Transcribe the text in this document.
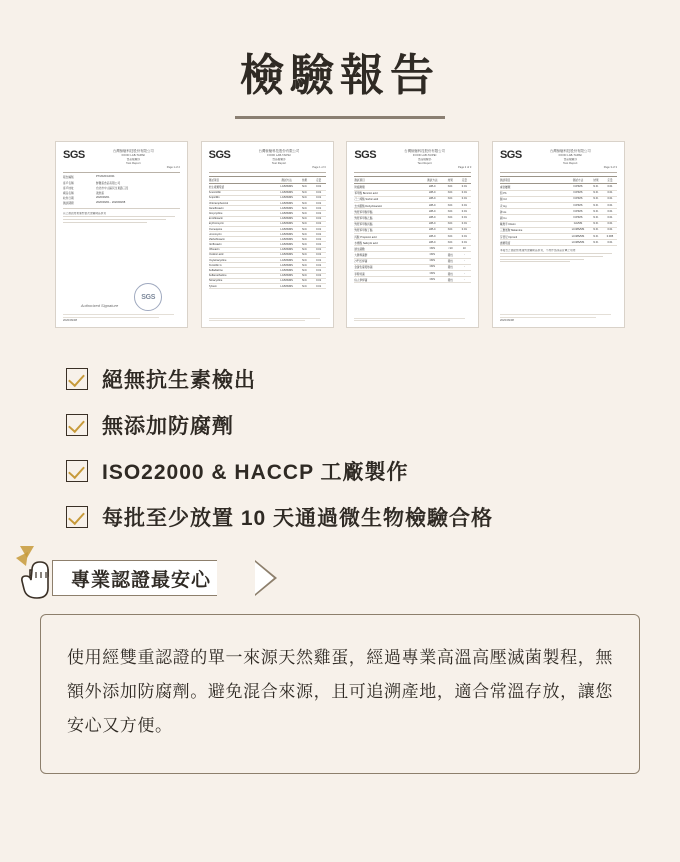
檢驗報告
SGS	台灣檢驗科技股份有限公司
FOOD LAB-TAIPEI
食品檢驗部
Test Report
Page 1 of 2
報告編號	PT/2020/A0001
客戶名稱	鮮雞蛋食品有限公司
客戶地址	台北市中山區民生東路三段
樣品名稱	液態蛋
收件日期	2020/09/01
測試期間	2020/09/01 - 2020/09/08
以上測試結果僅對當次送驗樣品負責
Authorized Signature
SGS
2020/09/08
SGS	台灣檢驗科技股份有限公司
FOOD LAB-TAIPEI
食品檢驗部
Test Report
Page 1 of 3
測試項目	測試方法	結果	定量
抗生素類殘留	LC/MS/MS	N.D.	0.01
Amoxicillin	LC/MS/MS	N.D.	0.01
Ampicillin	LC/MS/MS	N.D.	0.01
Chloramphenicol	LC/MS/MS	N.D.	0.01
Danofloxacin	LC/MS/MS	N.D.	0.01
Doxycycline	LC/MS/MS	N.D.	0.01
Enrofloxacin	LC/MS/MS	N.D.	0.01
Erythromycin	LC/MS/MS	N.D.	0.01
Flumequine	LC/MS/MS	N.D.	0.01
Lincomycin	LC/MS/MS	N.D.	0.01
Marbofloxacin	LC/MS/MS	N.D.	0.01
Norfloxacin	LC/MS/MS	N.D.	0.01
Ofloxacin	LC/MS/MS	N.D.	0.01
Oxolinic acid	LC/MS/MS	N.D.	0.01
Oxytetracycline	LC/MS/MS	N.D.	0.01
Penicillin G	LC/MS/MS	N.D.	0.01
Sulfadiazine	LC/MS/MS	N.D.	0.01
Sulfamethazine	LC/MS/MS	N.D.	0.01
Tetracycline	LC/MS/MS	N.D.	0.01
Tylosin	LC/MS/MS	N.D.	0.01
SGS	台灣檢驗科技股份有限公司
FOOD LAB-TAIPEI
食品檢驗部
Test Report
Page 2 of 3
測試項目	測試方法	結果	定量
防腐劑類	HPLC	N.D.	0.01
苯甲酸 Benzoic acid	HPLC	N.D.	0.01
己二烯酸 Sorbic acid	HPLC	N.D.	0.01
去水醋酸 Dehydroacetic	HPLC	N.D.	0.01
對羥苯甲酸甲酯	HPLC	N.D.	0.01
對羥苯甲酸乙酯	HPLC	N.D.	0.01
對羥苯甲酸丙酯	HPLC	N.D.	0.01
對羥苯甲酸丁酯	HPLC	N.D.	0.01
丙酸 Propionic acid	HPLC	N.D.	0.01
水楊酸 Salicylic acid	HPLC	N.D.	0.01
總生菌數	CNS	<10	10
大腸桿菌群	CNS	陰性	-
沙門氏桿菌	CNS	陰性	-
金黃色葡萄球菌	CNS	陰性	-
李斯特菌	CNS	陰性	-
仙人掌桿菌	CNS	陰性	-
SGS	台灣檢驗科技股份有限公司
FOOD LAB-TAIPEI
食品檢驗部
Test Report
Page 3 of 3
測試項目	測試方法	結果	定量
重金屬類	ICP/MS	N.D.	0.01
鉛 Pb	ICP/MS	N.D.	0.01
鎘 Cd	ICP/MS	N.D.	0.01
汞 Hg	ICP/MS	N.D.	0.01
砷 As	ICP/MS	N.D.	0.01
銅 Cu	ICP/MS	N.D.	0.01
戴奧辛 Dioxin	GC/MS	N.D.	0.01
三聚氰胺 Melamine	LC/MS/MS	N.D.	0.01
芬普尼 Fipronil	LC/MS/MS	N.D.	0.005
農藥殘留	LC/MS/MS	N.D.	0.01
本報告之測試結果僅對送驗樣品負責，不得作為商品宣傳之用途
2020/09/08
絕無抗生素檢出
無添加防腐劑
ISO22000 & HACCP 工廠製作
每批至少放置 10 天通過微生物檢驗合格
專業認證最安心

使用經雙重認證的單一來源天然雞蛋，經過專業高溫高壓滅菌製程，無額外添加防腐劑。避免混合來源，且可追溯產地，適合常溫存放，讓您安心又方便。
